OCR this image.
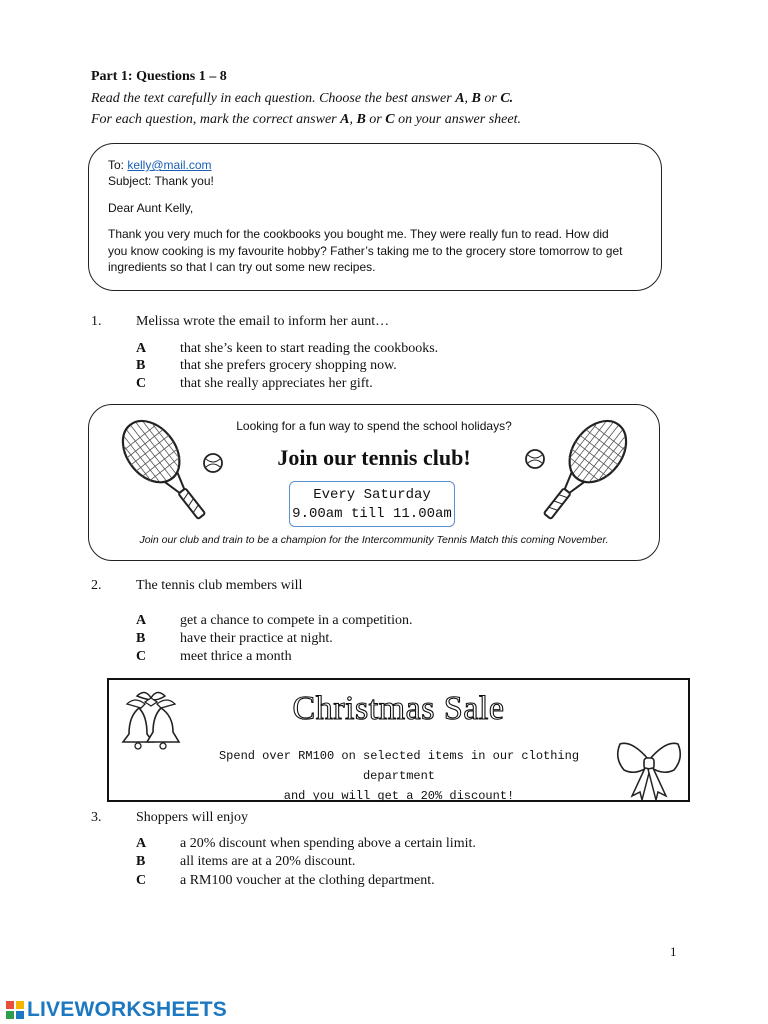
Part 1: Questions 1 – 8
Read the text carefully in each question. Choose the best answer A, B or C.
For each question, mark the correct answer A, B or C on your answer sheet.
To: kelly@mail.com
Subject: Thank you!
Dear Aunt Kelly,
Thank you very much for the cookbooks you bought me. They were really fun to read. How did
you know cooking is my favourite hobby? Father’s taking me to the grocery store tomorrow to get
ingredients so that I can try out some new recipes.
1. Melissa wrote the email to inform her aunt…
A that she’s keen to start reading the cookbooks.
B that she prefers grocery shopping now.
C that she really appreciates her gift.
Looking for a fun way to spend the school holidays?
Join our tennis club!
Every Saturday
9.00am till 11.00am
Join our club and train to be a champion for the Intercommunity Tennis Match this coming November.
2. The tennis club members will
A get a chance to compete in a competition.
B have their practice at night.
C meet thrice a month
Christmas Sale
Spend over RM100 on selected items in our clothing department
and you will get a 20% discount!
3. Shoppers will enjoy
A a 20% discount when spending above a certain limit.
B all items are at a 20% discount.
C a RM100 voucher at the clothing department.
1
LIVEWORKSHEETS
